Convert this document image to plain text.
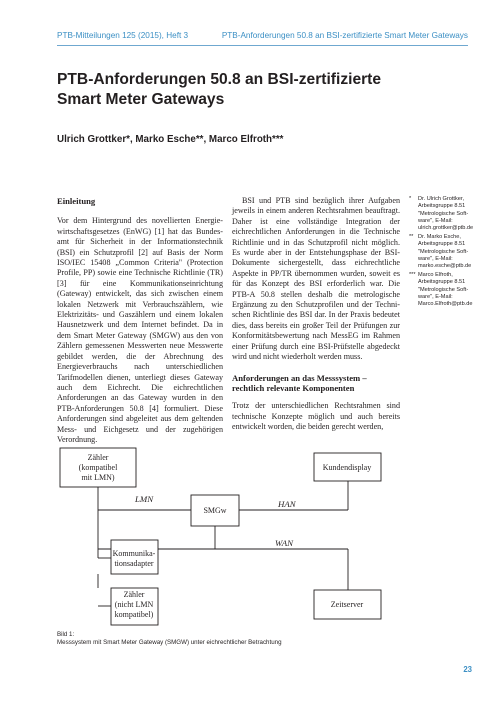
PTB-Mitteilungen 125 (2015), Heft 3	PTB-Anforderungen 50.8 an BSI-zertifizierte Smart Meter Gateways
PTB-Anforderungen 50.8 an BSI-zertifizierte
Smart Meter Gateways
Ulrich Grottker*, Marko Esche**, Marco Elfroth***
Einleitung
Vor dem Hintergrund des novellierten Energiewirtschaftsgesetzes (EnWG) [1] hat das Bundesamt für Sicherheit in der Informationstechnik (BSI) ein Schutzprofil [2] auf Basis der Norm ISO/IEC 15408 „Common Criteria" (Protection Profile, PP) sowie eine Technische Richtlinie (TR) [3] für eine Kommunikationseinrichtung (Gateway) entwickelt, das sich zwischen einem lokalen Netzwerk mit Verbrauchszählern, wie Elektrizitäts- und Gaszählern und einem lokalen Hausnetzwerk und dem Internet befindet. Da in dem Smart Meter Gateway (SMGW) aus den von Zählern gemessenen Messwerten neue Messwerte gebildet werden, die der Abrechnung des Energieverbrauchs nach unterschiedlichen Tarifmodellen dienen, unterliegt dieses Gateway auch dem Eichrecht. Die eichrechtlichen Anforderungen an das Gateway wurden in den PTB-Anforderungen 50.8 [4] formuliert. Diese Anforderungen sind abgeleitet aus dem geltenden Mess- und Eichgesetz und der zugehörigen Verordnung.
BSI und PTB sind bezüglich ihrer Aufgaben jeweils in einem anderen Rechtsrahmen beauftragt. Daher ist eine vollständige Integration der eichrechtlichen Anforderungen in die Technische Richtlinie und in das Schutzprofil nicht möglich. Es wurde aber in der Entstehungsphase der BSI-Dokumente sichergestellt, dass eichrechtliche Aspekte in PP/TR übernommen wurden, soweit es für das Konzept des BSI erforderlich war. Die PTB-A 50.8 stellen deshalb die metrologische Ergänzung zu den Schutzprofilen und der Technischen Richtlinie des BSI dar. In der Praxis bedeutet dies, dass bereits ein großer Teil der Prüfungen zur Konformitätsbewertung nach MessEG im Rahmen einer Prüfung durch eine BSI-Prüfstelle abgedeckt wird und nicht wiederholt werden muss.
Anforderungen an das Messsystem – rechtlich relevante Komponenten
Trotz der unterschiedlichen Rechtsrahmen sind technische Konzepte möglich und auch bereits entwickelt worden, die beiden gerecht werden,
* Dr. Ulrich Grottker, Arbeitsgruppe 8.51 "Metrologische Software", E-Mail: ulrich.grottker@ptb.de
** Dr. Marko Esche, Arbeitsgruppe 8.51 "Metrologische Software", E-Mail: marko.esche@ptb.de
*** Marco Elfroth, Arbeitsgruppe 8.51 "Metrologische Software", E-Mail: Marco.Elfroth@ptb.de
Zähler
(kompatibel
mit LMN)
Kundendisplay
LMN	HAN
SMGw
WAN
Kommunika-
tionsadapter
Zähler
(nicht LMN
kompatibel)
Zeitserver
Bild 1:
Messsystem mit Smart Meter Gateway (SMGW) unter eichrechtlicher Betrachtung
23
